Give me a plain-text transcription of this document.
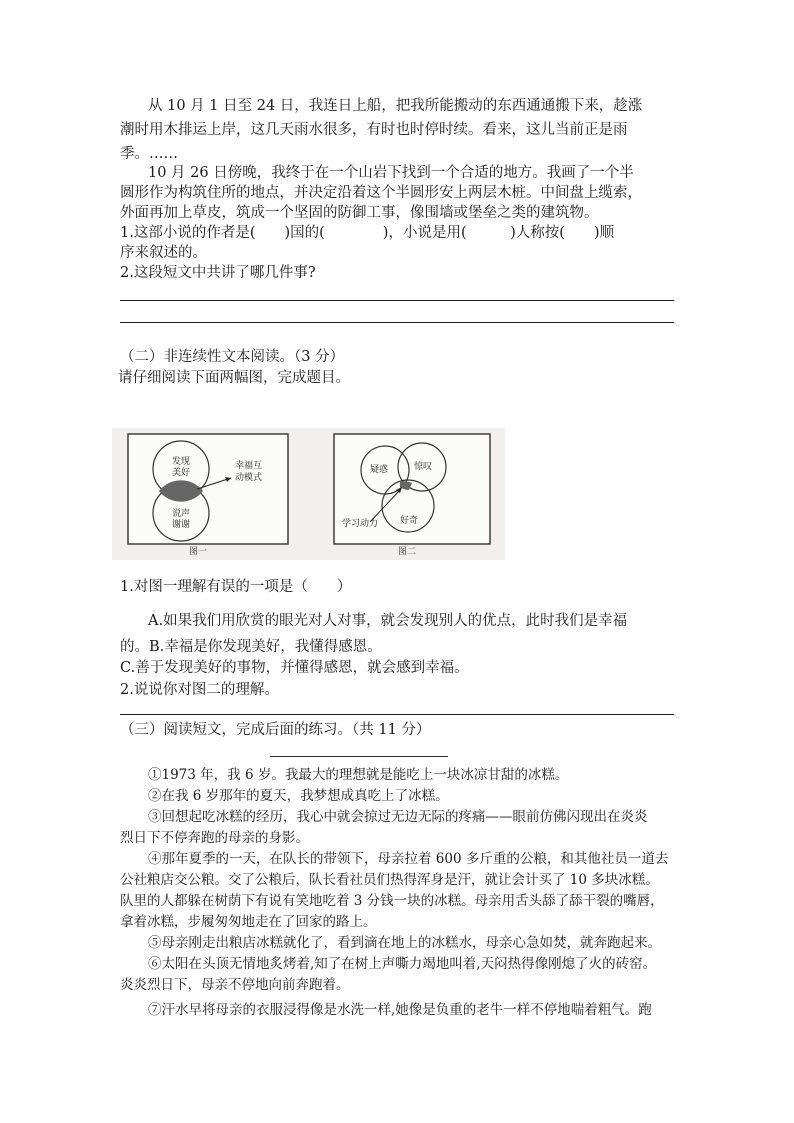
从 10 月 1 日至 24 日，我连日上船，把我所能搬动的东西通通搬下来，趁涨
潮时用木排运上岸，这几天雨水很多，有时也时停时续。看来，这儿当前正是雨
季。……
10 月 26 日傍晚，我终于在一个山岩下找到一个合适的地方。我画了一个半
圆形作为构筑住所的地点，并决定沿着这个半圆形安上两层木桩。中间盘上缆索，
外面再加上草皮，筑成一个坚固的防御工事，像围墙或堡垒之类的建筑物。
1.这部小说的作者是(　　)国的(　　　　)，小说是用(　　　)人称按(　　)顺
序来叙述的。
2.这段短文中共讲了哪几件事?
（二）非连续性文本阅读。（3 分）
请仔细阅读下面两幅图，完成题目。
发现
美好
说声
谢谢
幸福互
动模式
图一
疑惑	惊叹
好奇
学习动力
图二
1.对图一理解有误的一项是（　　）
A.如果我们用欣赏的眼光对人对事，就会发现别人的优点，此时我们是幸福
的。B.幸福是你发现美好，我懂得感恩。
C.善于发现美好的事物，并懂得感恩，就会感到幸福。
2.说说你对图二的理解。
（三）阅读短文，完成后面的练习。（共 11 分）
①1973 年，我 6 岁。我最大的理想就是能吃上一块冰凉甘甜的冰糕。
②在我 6 岁那年的夏天，我梦想成真吃上了冰糕。
③回想起吃冰糕的经历，我心中就会掠过无边无际的疼痛——眼前仿佛闪现出在炎炎
烈日下不停奔跑的母亲的身影。
④那年夏季的一天，在队长的带领下，母亲拉着 600 多斤重的公粮，和其他社员一道去
公社粮店交公粮。交了公粮后，队长看社员们热得浑身是汗，就让会计买了 10 多块冰糕。
队里的人都躲在树荫下有说有笑地吃着 3 分钱一块的冰糕。母亲用舌头舔了舔干裂的嘴唇，
拿着冰糕，步履匆匆地走在了回家的路上。
⑤母亲刚走出粮店冰糕就化了，看到滴在地上的冰糕水，母亲心急如焚，就奔跑起来。
⑥太阳在头顶无情地炙烤着,知了在树上声嘶力竭地叫着,天闷热得像刚熄了火的砖窑。
炎炎烈日下，母亲不停地向前奔跑着。
⑦汗水早将母亲的衣服浸得像是水洗一样,她像是负重的老牛一样不停地喘着粗气。跑
